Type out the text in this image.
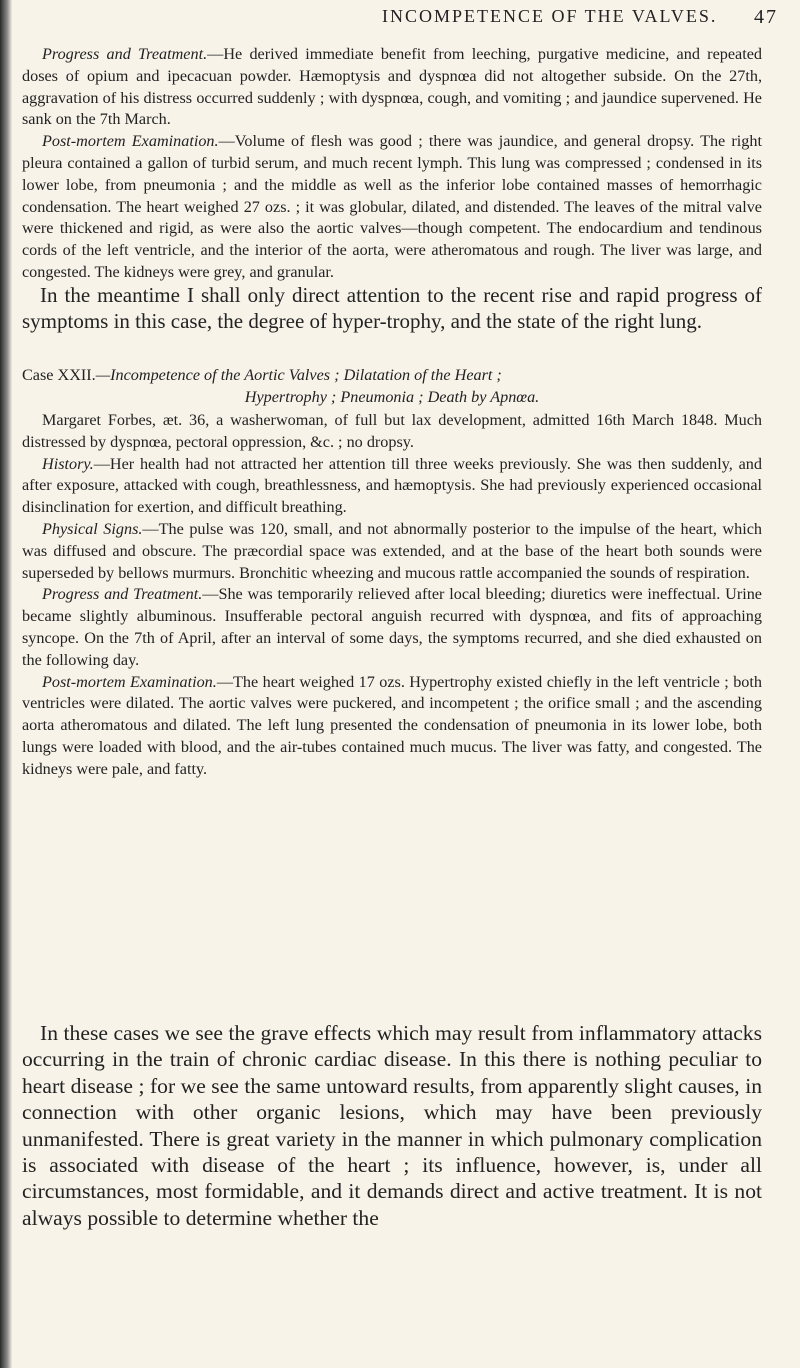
INCOMPETENCE OF THE VALVES. 47

Progress and Treatment.—He derived immediate benefit from leeching, purgative medicine, and repeated doses of opium and ipecacuan powder. Hæmoptysis and dyspnœa did not altogether subside. On the 27th, aggravation of his distress occurred suddenly ; with dyspnœa, cough, and vomiting ; and jaundice supervened. He sank on the 7th March.

Post-mortem Examination.—Volume of flesh was good ; there was jaundice, and general dropsy. The right pleura contained a gallon of turbid serum, and much recent lymph. This lung was compressed ; condensed in its lower lobe, from pneumonia ; and the middle as well as the inferior lobe contained masses of hemorrhagic condensation. The heart weighed 27 ozs. ; it was globular, dilated, and distended. The leaves of the mitral valve were thickened and rigid, as were also the aortic valves—though competent. The endocardium and tendinous cords of the left ventricle, and the interior of the aorta, were atheromatous and rough. The liver was large, and congested. The kidneys were grey, and granular.

In the meantime I shall only direct attention to the recent rise and rapid progress of symptoms in this case, the degree of hyper-trophy, and the state of the right lung.

Case XXII.—Incompetence of the Aortic Valves ; Dilatation of the Heart ;
Hypertrophy ; Pneumonia ; Death by Apnœa.

Margaret Forbes, æt. 36, a washerwoman, of full but lax development, admitted 16th March 1848. Much distressed by dyspnœa, pectoral oppression, &c. ; no dropsy.

History.—Her health had not attracted her attention till three weeks previously. She was then suddenly, and after exposure, attacked with cough, breathlessness, and hæmoptysis. She had previously experienced occasional disinclination for exertion, and difficult breathing.

Physical Signs.—The pulse was 120, small, and not abnormally posterior to the impulse of the heart, which was diffused and obscure. The præcordial space was extended, and at the base of the heart both sounds were superseded by bellows murmurs. Bronchitic wheezing and mucous rattle accompanied the sounds of respiration.

Progress and Treatment.—She was temporarily relieved after local bleeding; diuretics were ineffectual. Urine became slightly albuminous. Insufferable pectoral anguish recurred with dyspnœa, and fits of approaching syncope. On the 7th of April, after an interval of some days, the symptoms recurred, and she died exhausted on the following day.

Post-mortem Examination.—The heart weighed 17 ozs. Hypertrophy existed chiefly in the left ventricle ; both ventricles were dilated. The aortic valves were puckered, and incompetent ; the orifice small ; and the ascending aorta atheromatous and dilated. The left lung presented the condensation of pneumonia in its lower lobe, both lungs were loaded with blood, and the air-tubes contained much mucus. The liver was fatty, and congested. The kidneys were pale, and fatty.

In these cases we see the grave effects which may result from inflammatory attacks occurring in the train of chronic cardiac disease. In this there is nothing peculiar to heart disease ; for we see the same untoward results, from apparently slight causes, in connection with other organic lesions, which may have been previously unmanifested. There is great variety in the manner in which pulmonary complication is associated with disease of the heart ; its influence, however, is, under all circumstances, most formidable, and it demands direct and active treatment. It is not always possible to determine whether the
